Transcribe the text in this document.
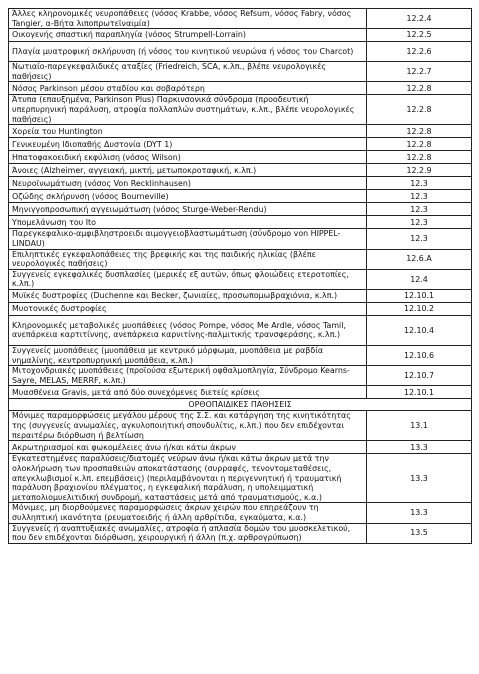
Άλλες κληρονομικές νευροπάθειες (νόσος Krabbe, νόσος Refsum, νόσος Fabry, νόσος Tangier, α-Βήτα λιποπρωτεϊναιμία)	12.2.4
Οικογενής σπαστική παραπληγία (νόσος Strumpell-Lorrain)	12.2.5
Πλαγία μυατροφική σκλήρυνση (ή νόσος του κινητικού νευρώνα ή νόσος του Charcot)	12.2.6
Νωτιαίο-παρεγκεφαλιδικές αταξίες (Friedreich, SCA, κ.λπ., βλέπε νευρολογικές παθήσεις)	12.2.7
Νόσος Parkinson μέσου σταδίου και σοβαρότερη	12.2.8
Άτυπα (επαυξημένα, Parkinson Plus) Παρκινσονικά σύνδρομα (προοδευτική υπερπυρηνική παράλυση, ατροφία πολλαπλών συστημάτων, κ.λπ., βλέπε νευρολογικές παθήσεις)	12.2.8
Χορεία του Huntington	12.2.8
Γενικευμένη Ιδιοπαθής Δυστονία (DYT 1)	12.2.8
Ηπατοφακοειδική εκφύλιση (νόσος Wilson)	12.2.8
Άνοιες (Alzheimer, αγγειακή, μικτή, μετωποκροταφική, κ.λπ.)	12.2.9
Νευροϊνωμάτωση (νόσος Von Recklinhausen)	12.3
Οζώδης σκλήρυνση (νόσος Bourneville)	12.3
Μηνιγγοπροσωπική αγγειωμάτωση (νόσος Sturge-Weber-Rendu)	12.3
Υπομελάνωση του Ito	12.3
Παρεγκεφαλικο-αμφιβληστροειδι αιμογγειοβλαστωμάτωση (σύνδρομο von HIPPEL-LINDAU)	12.3
Επιληπτικές εγκεφαλοπάθειες της βρεφικής και της παιδικής ηλικίας (βλέπε νευρολογικές παθήσεις)	12.6.Α
Συγγενείς εγκεφαλικές δυσπλασίες (μερικές εξ αυτών, όπως φλοιώδεις ετεροτοπίες, κ.λπ.)	12.4
Μυϊκές δυστροφίες (Duchenne και Becker, ζωνιαίες, προσωπομωβραχιόνια, κ.λπ.)	12.10.1
Μυοτονικές δυστροφίες	12.10.2
Κληρονομικές μεταβολικές μυοπάθειες (νόσος Pompe, νόσος Me Ardle, νόσος Tamil, ανεπάρκεια καρτιτίννης, ανεπάρκεια καρνιτίνης-παλμιτικής τρανσφεράσης, κ.λπ.)	12.10.4
Συγγενείς μυοπάθειες (μυοπάθεια με κεντρικό μόρφωμα, μυοπάθεια με ραβδία νημαλίνης, κεντροπυρηνική μυοπάθεια, κ.λπ.)	12.10.6
Μιτοχονδριακές μυοπάθειες (προϊούσα εξωτερική οφθαλμοπληγία, Σύνδρομο Kearns-Sayre, MELAS, MERRF, κ.λπ.)	12.10.7
Μυασθένεια Gravis, μετά από δύο συνεχόμενες διετείς κρίσεις	12.10.1
ΟΡΘΟΠΑΙΔΙΚΕΣ ΠΑΘΗΣΕΙΣ	
Μόνιμες παραμορφώσεις μεγάλου μέρους της Σ.Σ. και κατάργηση της κινητικότητας της (συγγενείς ανωμαλίες, αγκυλοποιητική σπονδυλίτις, κ.λπ.) που δεν επιδέχονται περαιτέρω διόρθωση ή βελτίωση	13.1
Ακρωτηριασμοί και φωκομέλειες άνω ή/και κάτω άκρων	13.3
Εγκατεστημένες παραλύσεις/διατομές νεύρων άνω ή/και κάτω άκρων μετά την ολοκλήρωση των προσπαθειών αποκατάστασης (συρραφές, τενοντομεταθέσεις, απεγκλωβισμοί κ.λπ. επεμβάσεις) (περιλαμβάνονται η περιγεννητική ή τραυματική παράλυση βραχιονίου πλέγματος, η εγκεφαλική παράλυση, η υπολειμματική μεταπολιομυελιτιδική συνδρομή, καταστάσεις μετά από τραυματισμούς, κ.α.)	13.3
Μόνιμες, μη διορθούμενες παραμορφώσεις άκρων χειρών που επηρεάζουν τη συλληπτική ικανότητα (ρευματοειδής ή άλλη αρθρίτιδα, εγκαύματα, κ.α.)	13.3
Συγγενείς ή αναπτυξιακές ανωμαλίες, ατροφία ή απλασία δομών του μυοσκελετικού, που δεν επιδέχονται διόρθωση, χειρουργική ή άλλη (π.χ. αρθρογρύπωση)	13.5
